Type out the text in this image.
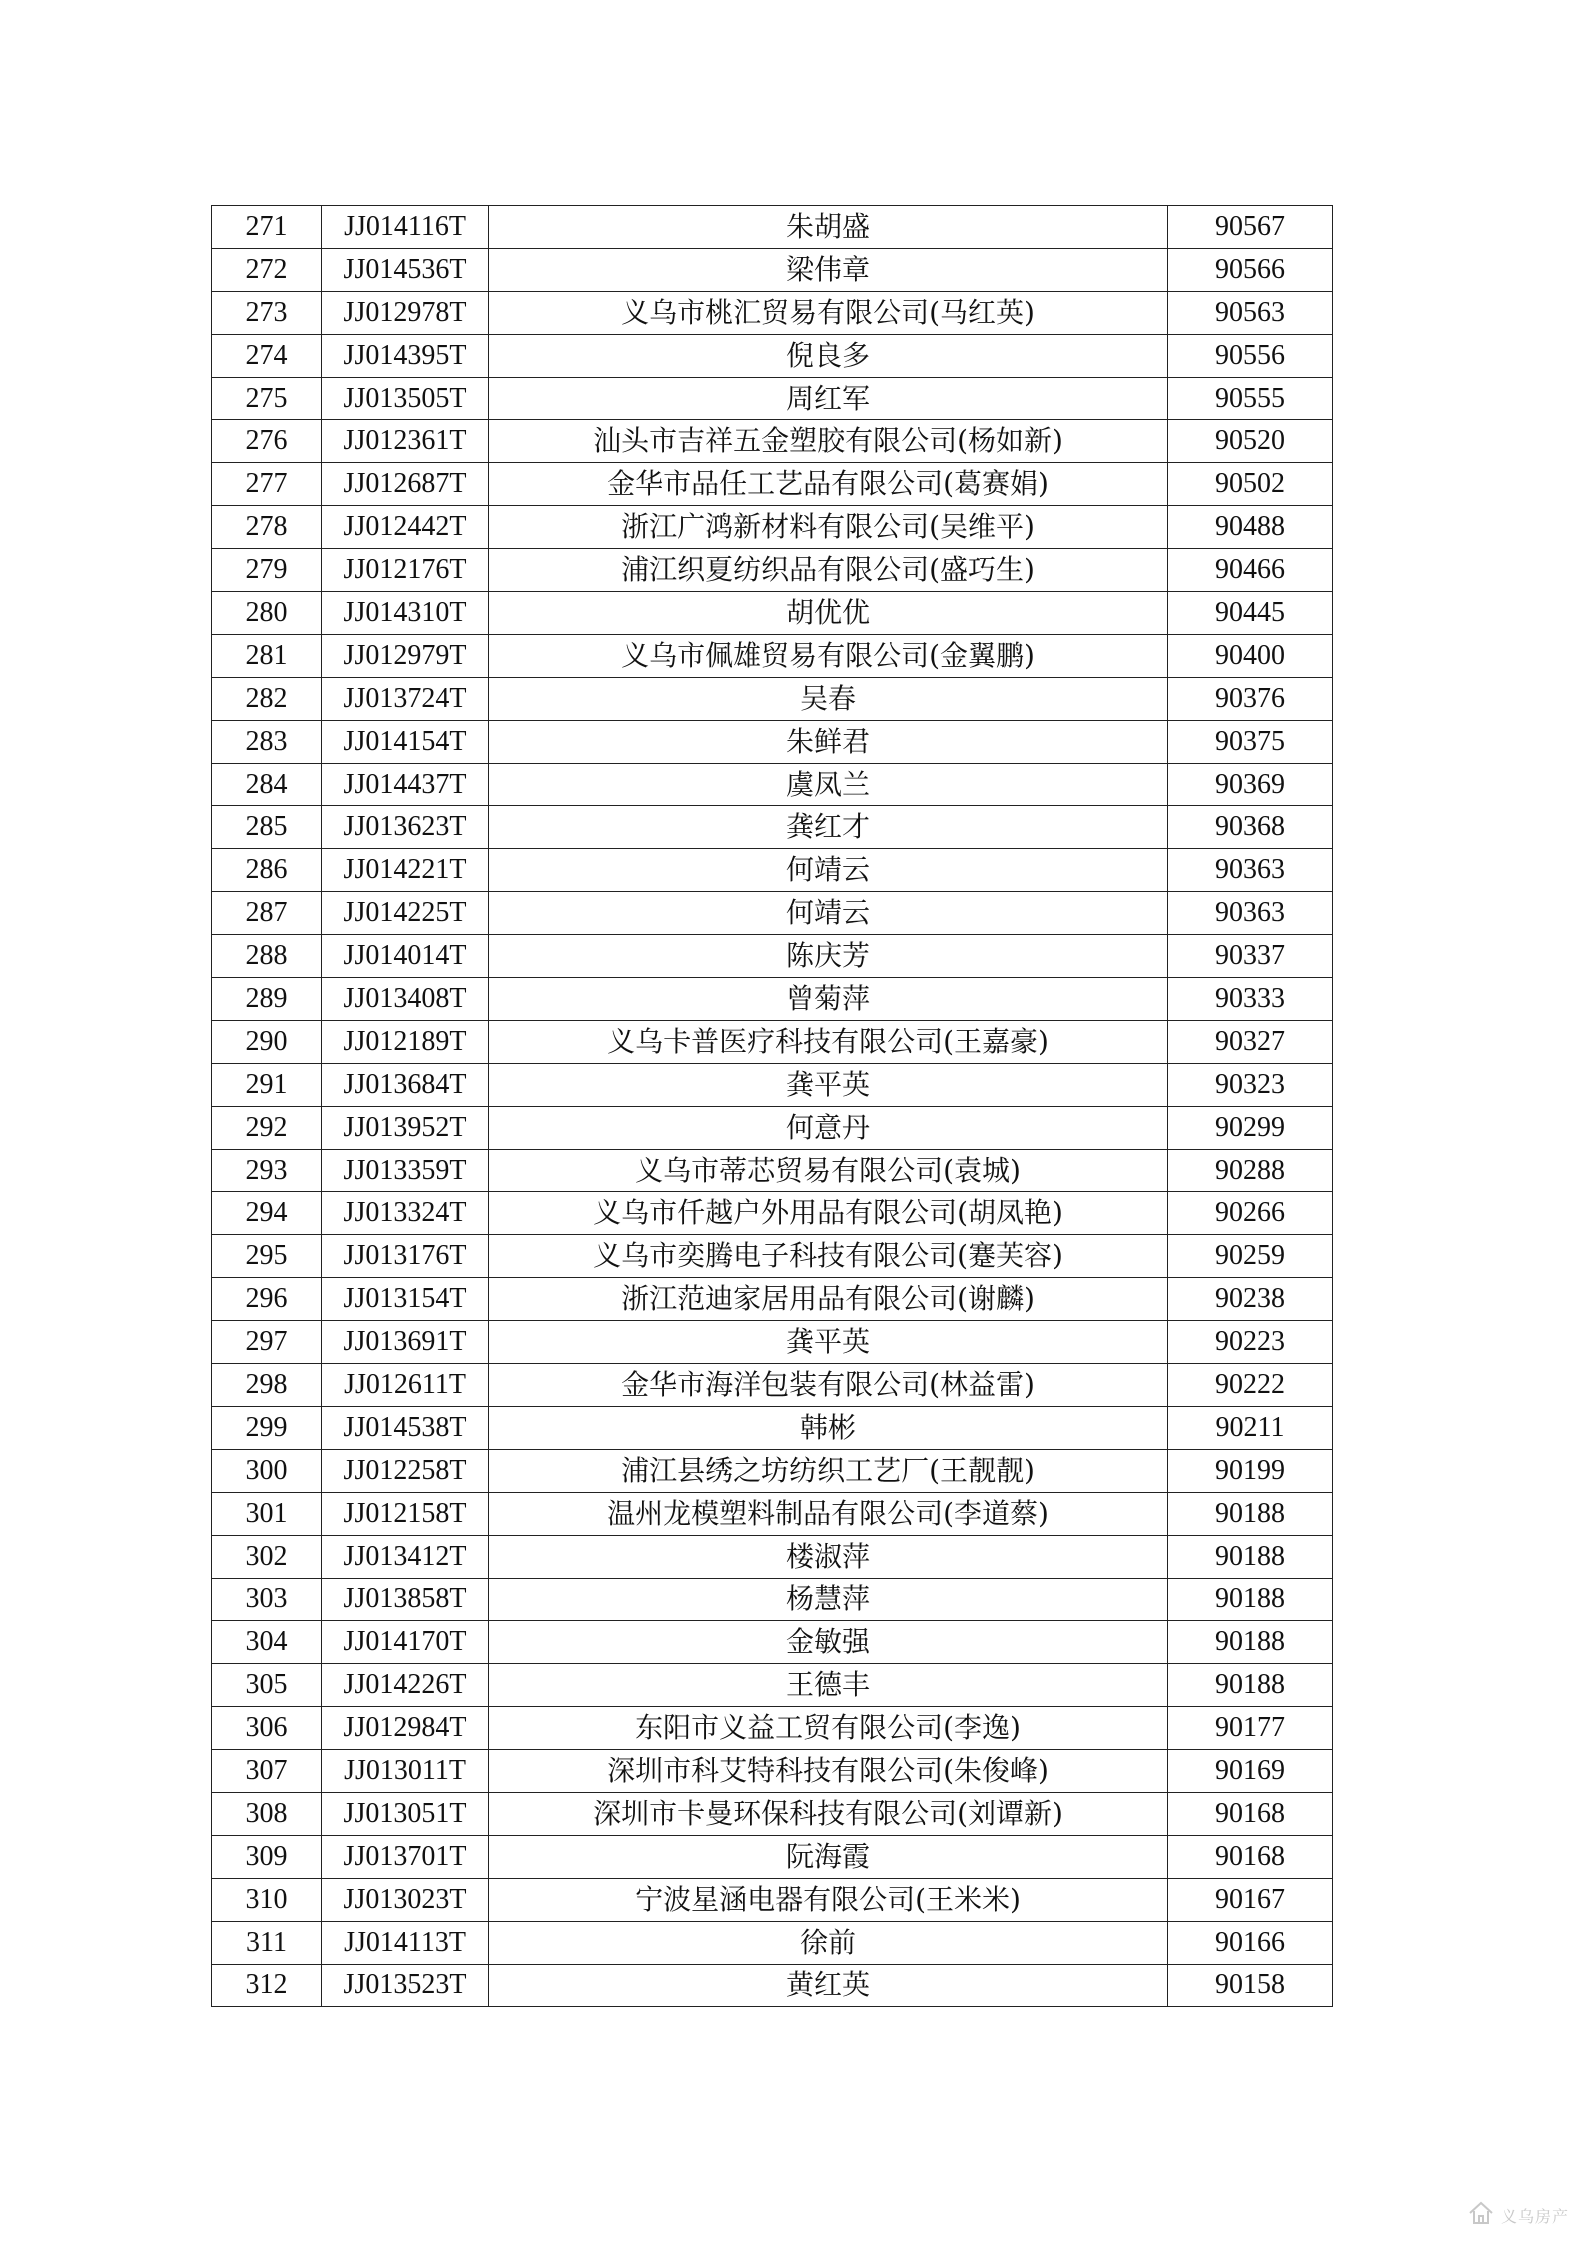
271	JJ014116T	朱胡盛	90567
272	JJ014536T	梁伟章	90566
273	JJ012978T	义乌市桃汇贸易有限公司(马红英)	90563
274	JJ014395T	倪良多	90556
275	JJ013505T	周红军	90555
276	JJ012361T	汕头市吉祥五金塑胶有限公司(杨如新)	90520
277	JJ012687T	金华市品任工艺品有限公司(葛赛娟)	90502
278	JJ012442T	浙江广鸿新材料有限公司(吴维平)	90488
279	JJ012176T	浦江织夏纺织品有限公司(盛巧生)	90466
280	JJ014310T	胡优优	90445
281	JJ012979T	义乌市佩雄贸易有限公司(金翼鹏)	90400
282	JJ013724T	吴春	90376
283	JJ014154T	朱鲜君	90375
284	JJ014437T	虞凤兰	90369
285	JJ013623T	龚红才	90368
286	JJ014221T	何靖云	90363
287	JJ014225T	何靖云	90363
288	JJ014014T	陈庆芳	90337
289	JJ013408T	曾菊萍	90333
290	JJ012189T	义乌卡普医疗科技有限公司(王嘉豪)	90327
291	JJ013684T	龚平英	90323
292	JJ013952T	何意丹	90299
293	JJ013359T	义乌市蒂芯贸易有限公司(袁城)	90288
294	JJ013324T	义乌市仟越户外用品有限公司(胡凤艳)	90266
295	JJ013176T	义乌市奕腾电子科技有限公司(蹇芙容)	90259
296	JJ013154T	浙江范迪家居用品有限公司(谢麟)	90238
297	JJ013691T	龚平英	90223
298	JJ012611T	金华市海洋包装有限公司(林益雷)	90222
299	JJ014538T	韩彬	90211
300	JJ012258T	浦江县绣之坊纺织工艺厂(王靓靓)	90199
301	JJ012158T	温州龙模塑料制品有限公司(李道蔡)	90188
302	JJ013412T	楼淑萍	90188
303	JJ013858T	杨慧萍	90188
304	JJ014170T	金敏强	90188
305	JJ014226T	王德丰	90188
306	JJ012984T	东阳市义益工贸有限公司(李逸)	90177
307	JJ013011T	深圳市科艾特科技有限公司(朱俊峰)	90169
308	JJ013051T	深圳市卡曼环保科技有限公司(刘谭新)	90168
309	JJ013701T	阮海霞	90168
310	JJ013023T	宁波星涵电器有限公司(王米米)	90167
311	JJ014113T	徐前	90166
312	JJ013523T	黄红英	90158
义乌房产
